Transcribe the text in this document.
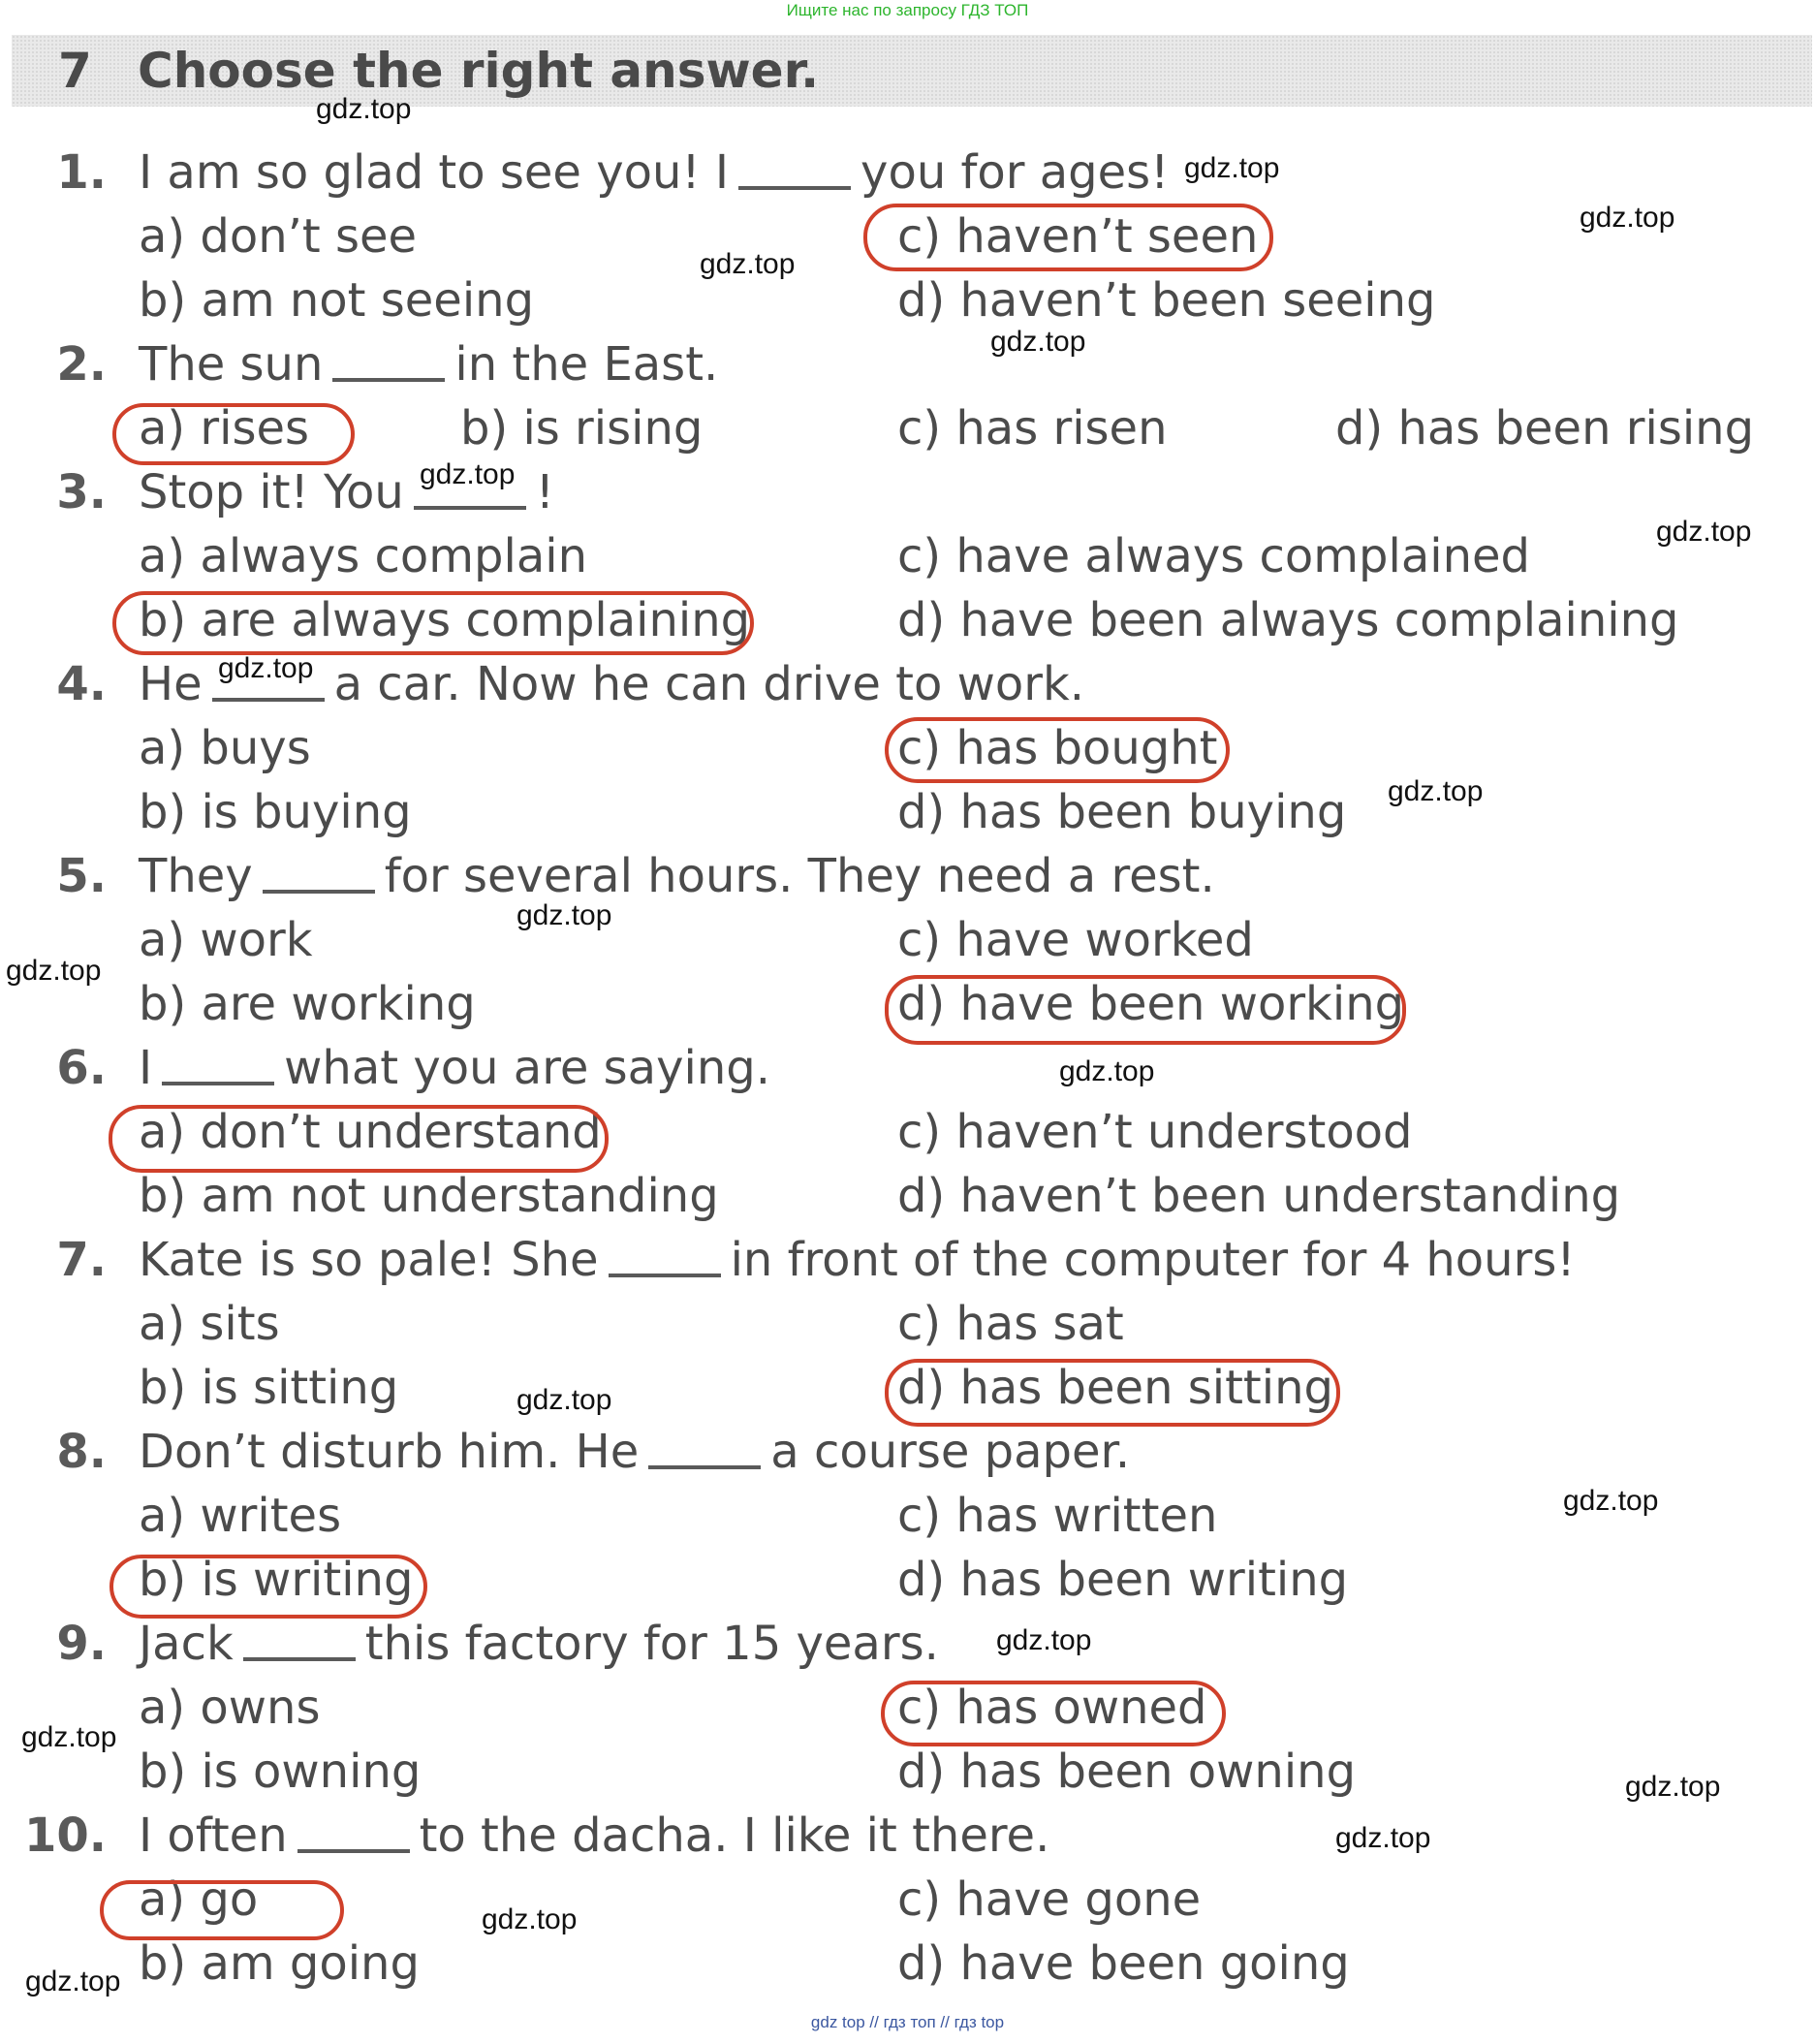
Ищите нас по запросу ГДЗ ТОП
7 Choose the right answer.
1. I am so glad to see you! I	you for ages!
a) don’t see
b) am not seeing
c) haven’t seen
d) haven’t been seeing
2. The sun	in the East.
a) rises	b) is rising	c) has risen	d) has been rising
3. Stop it! You	!
a) always complain
b) are always complaining
c) have always complained
d) have been always complaining
4. He	a car. Now he can drive to work.
a) buys
b) is buying
c) has bought
d) has been buying
5. They	for several hours. They need a rest.
a) work
b) are working
c) have worked
d) have been working
6. I	what you are saying.
a) don’t understand
b) am not understanding
c) haven’t understood
d) haven’t been understanding
7. Kate is so pale! She	in front of the computer for 4 hours!
a) sits
b) is sitting
c) has sat
d) has been sitting
8. Don’t disturb him. He	a course paper.
a) writes
b) is writing
c) has written
d) has been writing
9. Jack	this factory for 15 years.
a) owns
b) is owning
c) has owned
d) has been owning
10. I often	to the dacha. I like it there.
a) go
b) am going
c) have gone
d) have been going
gdz.top
gdz.top
gdz.top
gdz.top
gdz.top
gdz.top
gdz.top
gdz.top
gdz.top
gdz.top
gdz.top
gdz.top
gdz.top
gdz.top
gdz.top
gdz.top
gdz.top
gdz.top
gdz.top
gdz.top
gdz top // гдз топ // гдз top
